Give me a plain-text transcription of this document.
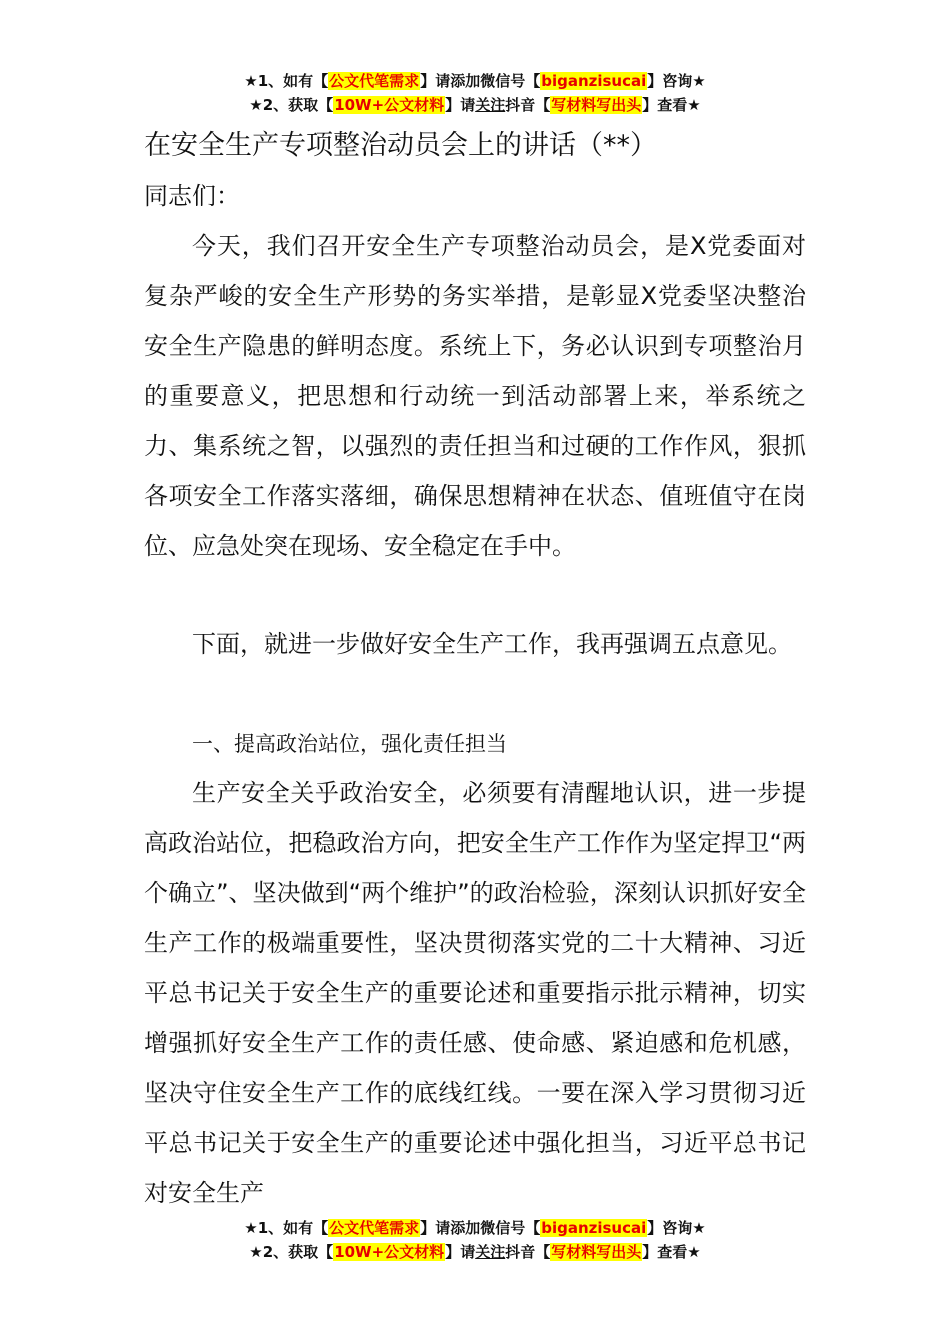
★1、如有【公文代笔需求】请添加微信号【biganzisucai】咨询★
★2、获取【10W+公文材料】请关注抖音【写材料写出头】查看★
在安全生产专项整治动员会上的讲话（**）

同志们：

今天，我们召开安全生产专项整治动员会，是X党委面对复杂严峻的安全生产形势的务实举措，是彰显X党委坚决整治安全生产隐患的鲜明态度。系统上下，务必认识到专项整治月的重要意义，把思想和行动统一到活动部署上来，举系统之力、集系统之智，以强烈的责任担当和过硬的工作作风，狠抓各项安全工作落实落细，确保思想精神在状态、值班值守在岗位、应急处突在现场、安全稳定在手中。

下面，就进一步做好安全生产工作，我再强调五点意见。

一、提高政治站位，强化责任担当

生产安全关乎政治安全，必须要有清醒地认识，进一步提高政治站位，把稳政治方向，把安全生产工作作为坚定捍卫“两个确立”、坚决做到“两个维护”的政治检验，深刻认识抓好安全生产工作的极端重要性，坚决贯彻落实党的二十大精神、习近平总书记关于安全生产的重要论述和重要指示批示精神，切实增强抓好安全生产工作的责任感、使命感、紧迫感和危机感，坚决守住安全生产工作的底线红线。一要在深入学习贯彻习近平总书记关于安全生产的重要论述中强化担当，习近平总书记对安全生产

★1、如有【公文代笔需求】请添加微信号【biganzisucai】咨询★
★2、获取【10W+公文材料】请关注抖音【写材料写出头】查看★
